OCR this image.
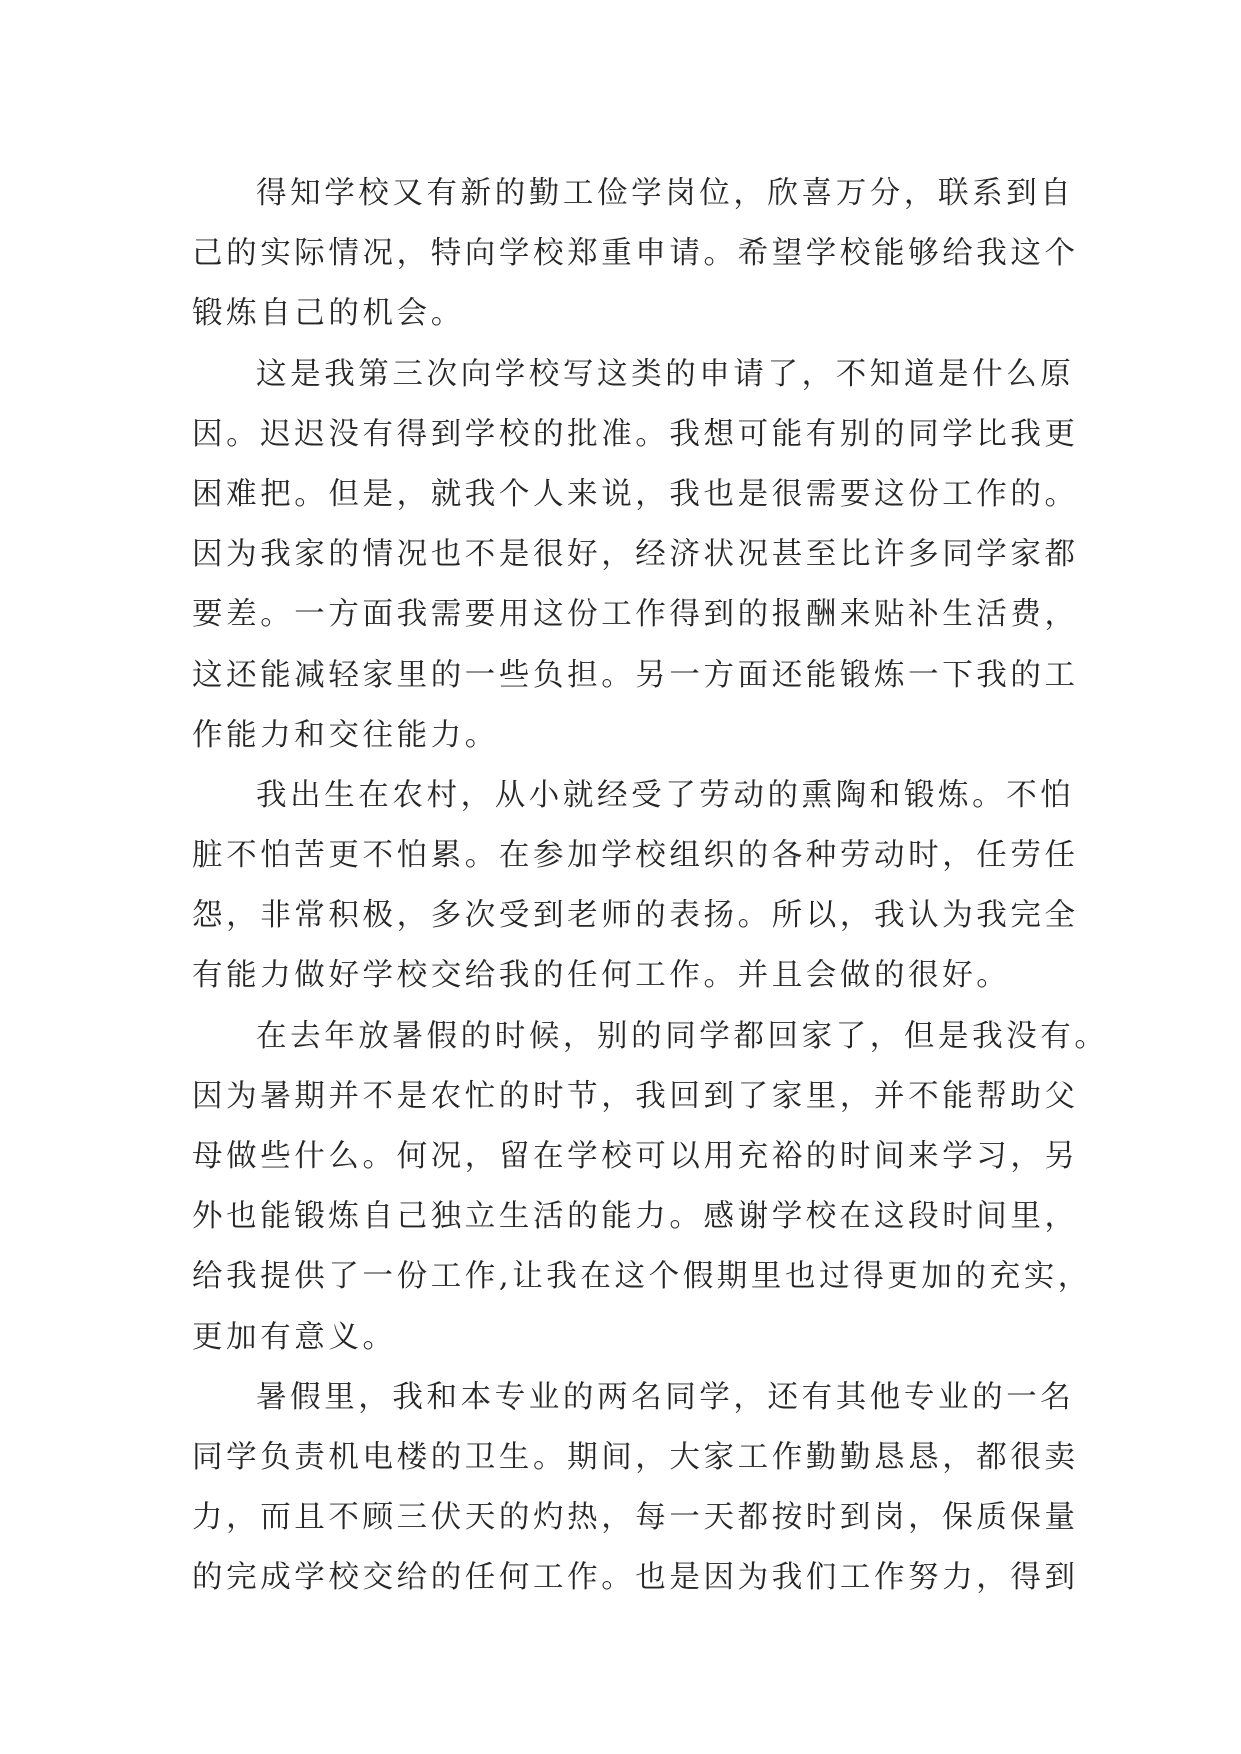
得知学校又有新的勤工俭学岗位，欣喜万分，联系到自
己的实际情况，特向学校郑重申请。希望学校能够给我这个
锻炼自己的机会。
这是我第三次向学校写这类的申请了，不知道是什么原
因。迟迟没有得到学校的批准。我想可能有别的同学比我更
困难把。但是，就我个人来说，我也是很需要这份工作的。
因为我家的情况也不是很好，经济状况甚至比许多同学家都
要差。一方面我需要用这份工作得到的报酬来贴补生活费，
这还能减轻家里的一些负担。另一方面还能锻炼一下我的工
作能力和交往能力。
我出生在农村，从小就经受了劳动的熏陶和锻炼。不怕
脏不怕苦更不怕累。在参加学校组织的各种劳动时，任劳任
怨，非常积极，多次受到老师的表扬。所以，我认为我完全
有能力做好学校交给我的任何工作。并且会做的很好。
在去年放暑假的时候，别的同学都回家了，但是我没有。
因为暑期并不是农忙的时节，我回到了家里，并不能帮助父
母做些什么。何况，留在学校可以用充裕的时间来学习，另
外也能锻炼自己独立生活的能力。感谢学校在这段时间里，
给我提供了一份工作,让我在这个假期里也过得更加的充实，
更加有意义。
暑假里，我和本专业的两名同学，还有其他专业的一名
同学负责机电楼的卫生。期间，大家工作勤勤恳恳，都很卖
力，而且不顾三伏天的灼热，每一天都按时到岗，保质保量
的完成学校交给的任何工作。也是因为我们工作努力，得到
